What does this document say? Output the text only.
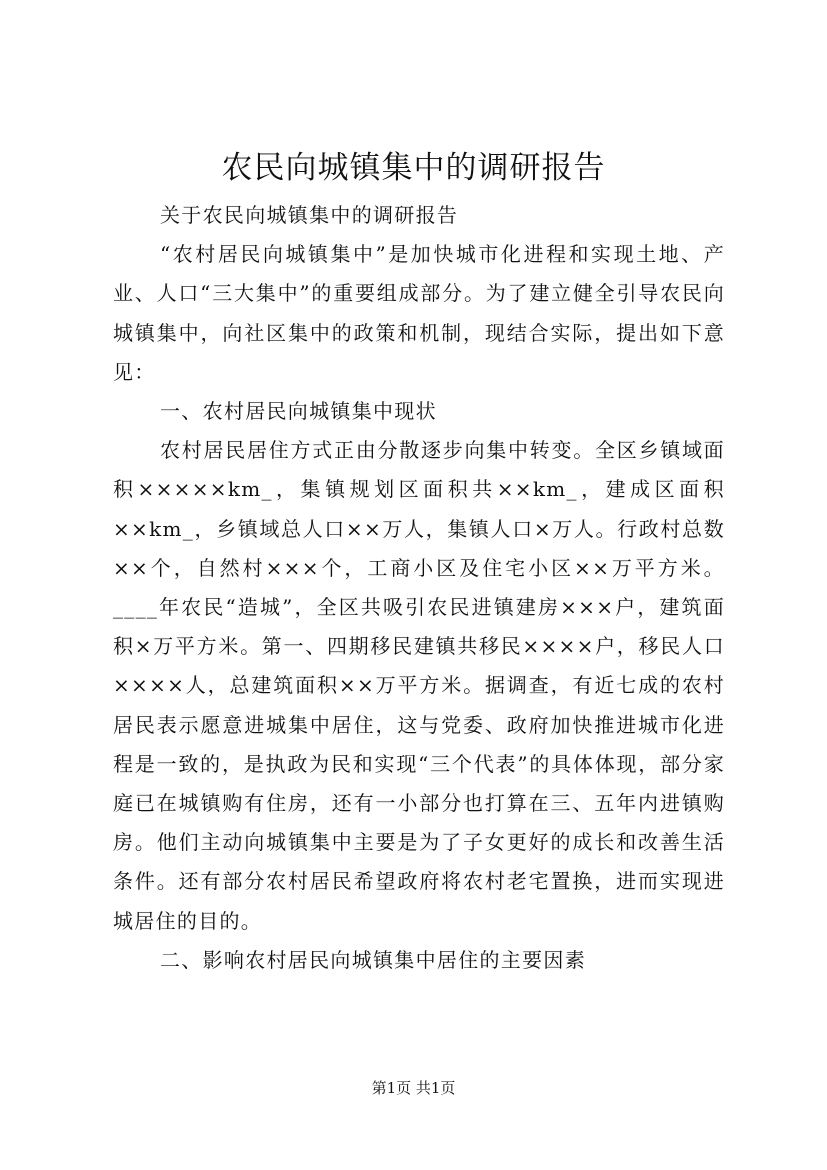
农民向城镇集中的调研报告

关于农民向城镇集中的调研报告

“农村居民向城镇集中”是加快城市化进程和实现土地、产业、人口“三大集中”的重要组成部分。为了建立健全引导农民向城镇集中，向社区集中的政策和机制，现结合实际，提出如下意见：

一、农村居民向城镇集中现状

农村居民居住方式正由分散逐步向集中转变。全区乡镇域面积×××××km_，集镇规划区面积共××km_，建成区面积××km_，乡镇域总人口××万人，集镇人口×万人。行政村总数××个，自然村×××个，工商小区及住宅小区××万平方米。____年农民“造城”，全区共吸引农民进镇建房×××户，建筑面积×万平方米。第一、四期移民建镇共移民××××户，移民人口××××人，总建筑面积××万平方米。据调查，有近七成的农村居民表示愿意进城集中居住，这与党委、政府加快推进城市化进程是一致的，是执政为民和实现“三个代表”的具体体现，部分家庭已在城镇购有住房，还有一小部分也打算在三、五年内进镇购房。他们主动向城镇集中主要是为了子女更好的成长和改善生活条件。还有部分农村居民希望政府将农村老宅置换，进而实现进城居住的目的。

二、影响农村居民向城镇集中居住的主要因素

第1页 共1页
